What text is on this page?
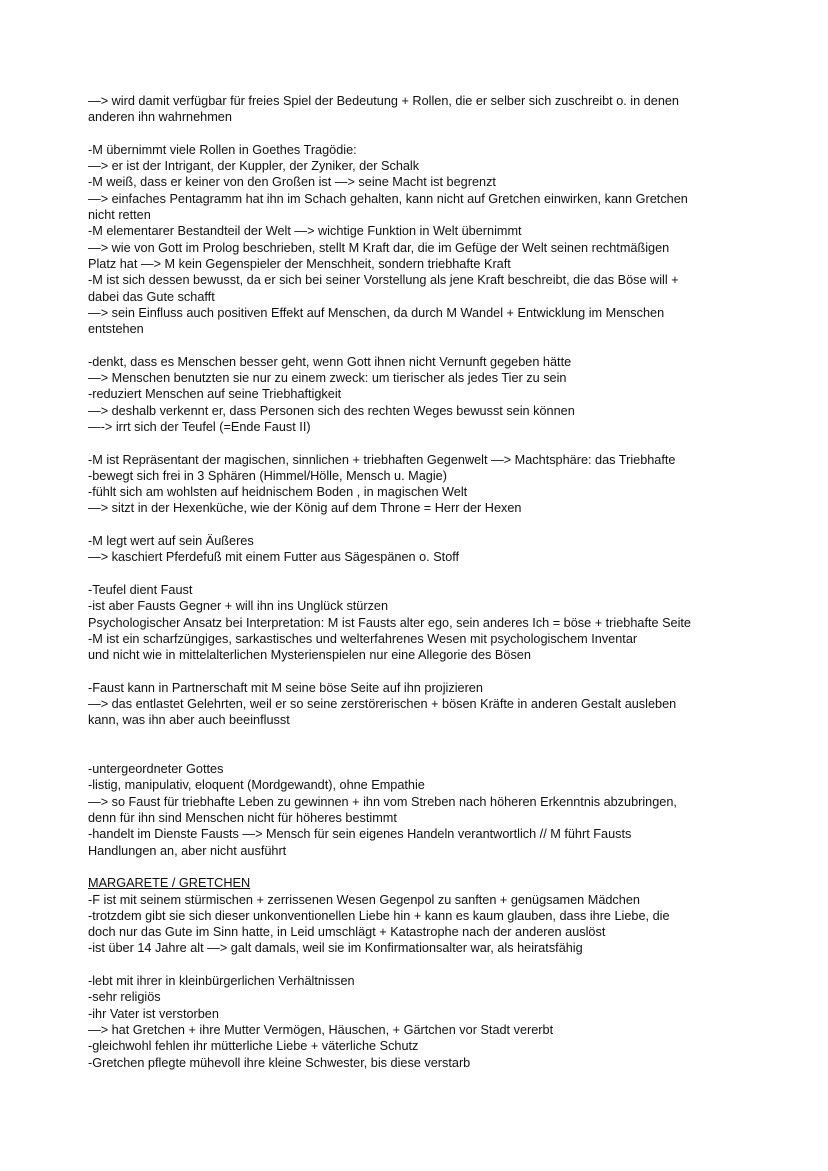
—> wird damit verfügbar für freies Spiel der Bedeutung + Rollen, die er selber sich zuschreibt o. in denen
anderen ihn wahrnehmen
-M übernimmt viele Rollen in Goethes Tragödie:
—> er ist der Intrigant, der Kuppler, der Zyniker, der Schalk
-M weiß, dass er keiner von den Großen ist —> seine Macht ist begrenzt
—> einfaches Pentagramm hat ihn im Schach gehalten, kann nicht auf Gretchen einwirken, kann Gretchen
nicht retten
-M elementarer Bestandteil der Welt —> wichtige Funktion in Welt übernimmt
—> wie von Gott im Prolog beschrieben, stellt M Kraft dar, die im Gefüge der Welt seinen rechtmäßigen
Platz hat —> M kein Gegenspieler der Menschheit, sondern triebhafte Kraft
-M ist sich dessen bewusst, da er sich bei seiner Vorstellung als jene Kraft beschreibt, die das Böse will +
dabei das Gute schafft
—> sein Einfluss auch positiven Effekt auf Menschen, da durch M Wandel + Entwicklung im Menschen
entstehen
-denkt, dass es Menschen besser geht, wenn Gott ihnen nicht Vernunft gegeben hätte
—> Menschen benutzten sie nur zu einem zweck: um tierischer als jedes Tier zu sein
-reduziert Menschen auf seine Triebhaftigkeit
—> deshalb verkennt er, dass Personen sich des rechten Weges bewusst sein können
—-> irrt sich der Teufel (=Ende Faust II)
-M ist Repräsentant der magischen, sinnlichen + triebhaften Gegenwelt —> Machtsphäre: das Triebhafte
-bewegt sich frei in 3 Sphären (Himmel/Hölle, Mensch u. Magie)
-fühlt sich am wohlsten auf heidnischem Boden , in magischen Welt
—> sitzt in der Hexenküche, wie der König auf dem Throne = Herr der Hexen
-M legt wert auf sein Äußeres
—> kaschiert Pferdefuß mit einem Futter aus Sägespänen o. Stoff
-Teufel dient Faust
-ist aber Fausts Gegner + will ihn ins Unglück stürzen
Psychologischer Ansatz bei Interpretation: M ist Fausts alter ego, sein anderes Ich = böse + triebhafte Seite
-M ist ein scharfzüngiges, sarkastisches und welterfahrenes Wesen mit psychologischem Inventar
und nicht wie in mittelalterlichen Mysterienspielen nur eine Allegorie des Bösen
-Faust kann in Partnerschaft mit M seine böse Seite auf ihn projizieren
—> das entlastet Gelehrten, weil er so seine zerstörerischen + bösen Kräfte in anderen Gestalt ausleben
kann, was ihn aber auch beeinflusst
-untergeordneter Gottes
-listig, manipulativ, eloquent (Mordgewandt), ohne Empathie
—> so Faust für triebhafte Leben zu gewinnen + ihn vom Streben nach höheren Erkenntnis abzubringen,
denn für ihn sind Menschen nicht für höheres bestimmt
-handelt im Dienste Fausts —> Mensch für sein eigenes Handeln verantwortlich // M führt Fausts
Handlungen an, aber nicht ausführt
MARGARETE / GRETCHEN
-F ist mit seinem stürmischen + zerrissenen Wesen Gegenpol zu sanften + genügsamen Mädchen
-trotzdem gibt sie sich dieser unkonventionellen Liebe hin + kann es kaum glauben, dass ihre Liebe, die
doch nur das Gute im Sinn hatte, in Leid umschlägt + Katastrophe nach der anderen auslöst
-ist über 14 Jahre alt —> galt damals, weil sie im Konfirmationsalter war, als heiratsfähig
-lebt mit ihrer in kleinbürgerlichen Verhältnissen
-sehr religiös
-ihr Vater ist verstorben
—> hat Gretchen + ihre Mutter Vermögen, Häuschen, + Gärtchen vor Stadt vererbt
-gleichwohl fehlen ihr mütterliche Liebe + väterliche Schutz
-Gretchen pflegte mühevoll ihre kleine Schwester, bis diese verstarb
